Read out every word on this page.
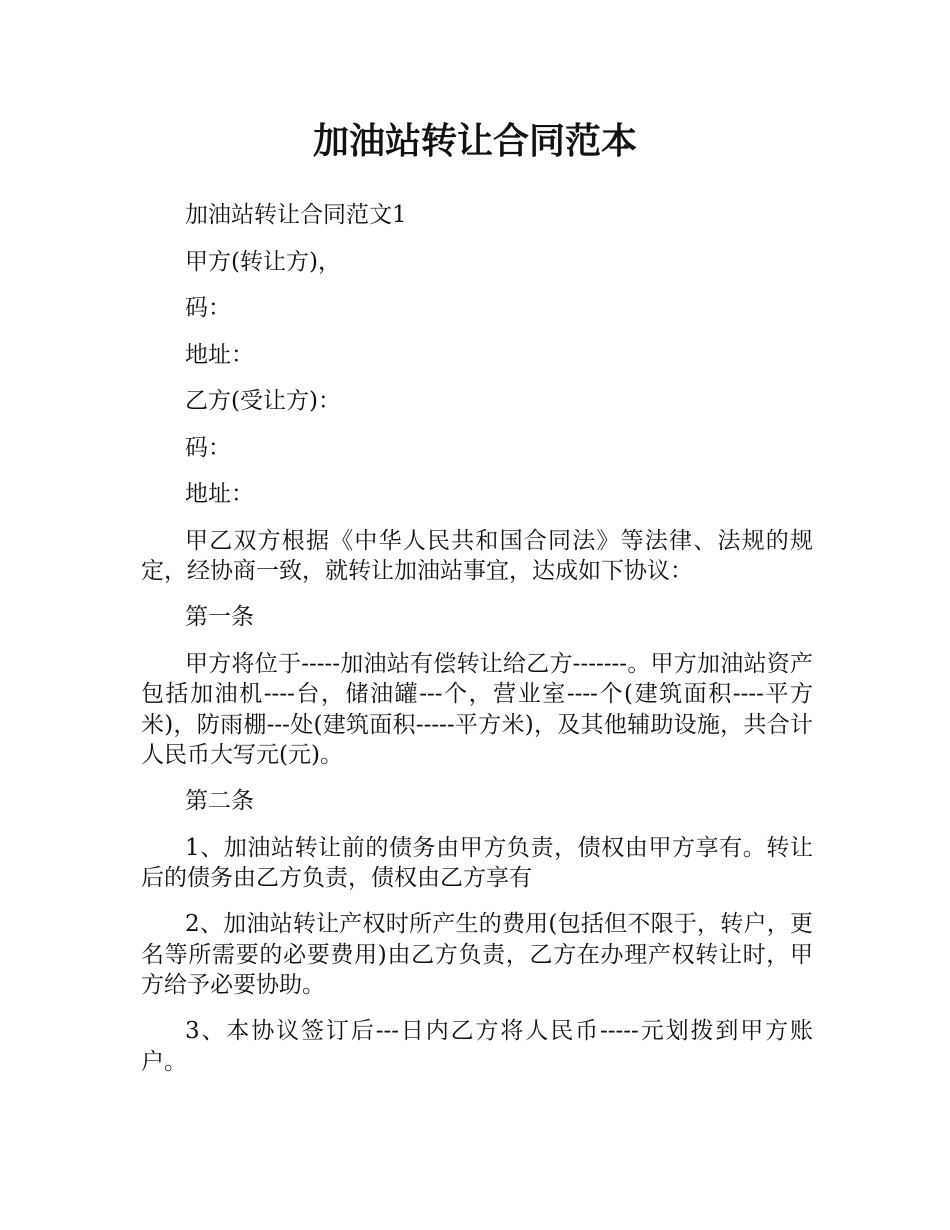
加油站转让合同范本

加油站转让合同范文1

甲方(转让方)，

码：

地址：

乙方(受让方)：

码：

地址：

甲乙双方根据《中华人民共和国合同法》等法律、法规的规定，经协商一致，就转让加油站事宜，达成如下协议：

第一条

甲方将位于-----加油站有偿转让给乙方-------。甲方加油站资产包括加油机----台，储油罐---个，营业室----个(建筑面积----平方米)，防雨棚---处(建筑面积-----平方米)，及其他辅助设施，共合计人民币大写元(元)。

第二条

1、加油站转让前的债务由甲方负责，债权由甲方享有。转让后的债务由乙方负责，债权由乙方享有

2、加油站转让产权时所产生的费用(包括但不限于，转户，更名等所需要的必要费用)由乙方负责，乙方在办理产权转让时，甲方给予必要协助。

3、本协议签订后---日内乙方将人民币-----元划拨到甲方账户。
